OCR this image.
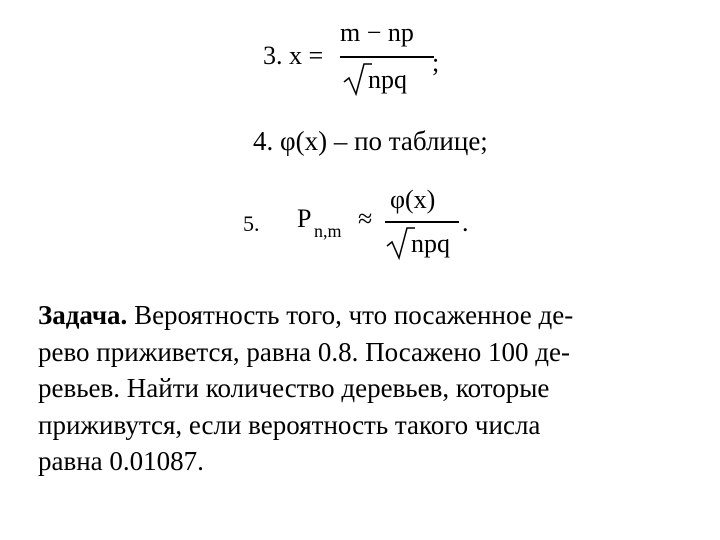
3. x =
m − np
npq
;
4. φ(x) – по таблице;
5. P n,m ≈
φ(x)
npq
.
Задача. Вероятность того, что посаженное де-
рево приживется, равна 0.8. Посажено 100 де-
ревьев. Найти количество деревьев, которые
приживутся, если вероятность такого числа
равна 0.01087.
